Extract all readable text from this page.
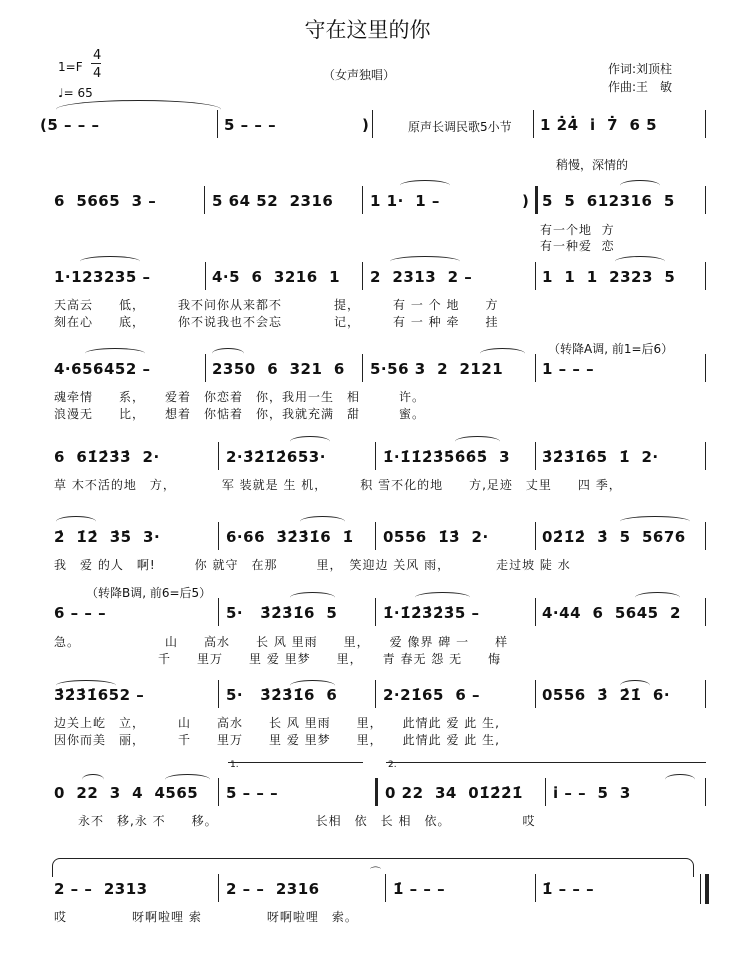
守在这里的你
1=F
4
4
♩= 65
（女声独唱）	作词:刘顶柱
作曲:王　敏
(5 – – –	5 – – –	)	原声长调民歌5小节 1 2̇4̇  i̇  7̇  6 5
稍慢，深情的
6  5665  3 –	5 64 52  2316 1 1·  1 –	) 5  5  612316  5
有一个地  方
有一种爱  恋
1·123235 –	4·5  6  3216  1 2  2313  2 –	1  1  1  2323  5
天高云　　低，　　　我不问你从来都不　　　　提，　　　有 一 个 地　　方
刻在心　　底，　　　你不说我也不会忘　　　　记，　　　有 一 种 牵　　挂
（转降A调, 前1=后6）
4·656452 –	2350  6  321  6 5·56 3  2  2121	1 – – –
魂牵情　　系，　　爱着　你恋着　你，我用一生　相　　　许。
浪漫无　　比，　　想着　你惦着　你，我就充满　甜　　　蜜。
6  61̇2̇3̇3̇  2·	2·3̇2̇1̇2̇653·	1̇·1̇1̇2̇3̇5̇6̇6̇5̇  3 3̇2̇3̇1̇6̇5  1̇  2·
草 木不活的地　方，　　　　军 装就是 生 机，　　　积 雪不化的地　　方,足迹　丈里　　四 季，
2̇  1̇2̇  3̇5̇  3·	6·66  3̇2̇3̇1̇6  1̇ 0556  1̇3̇  2·	02̇1̇2̇  3̇  5  5676
我　爱 的人　啊!　　　你 就守　在那　　　里，　笑迎边 关风 雨，　　　　走过坡 陡 水
（转降B调, 前6=后5）
6 – – –	5·   3̇2̇3̇1̇6  5	1̇·1̇2̇3̇2̇3̇5 –	4·44  6  5645  2
急。　　　　　　　山　　高水　　长 风 里雨　　里，　　爱 像界 碑 一　　样
　　　　　　　　千　　里万　　里 爱 里梦　　里，　　青 春无 怨 无　　悔
3̇2̇3̇1̇652 –	5·   3̇2̇3̇1̇6  6	2·21̇65  6 –	0556  3̇  2̇1̇  6·
边关上屹　立，　　　山　　高水　　长 风 里雨　　里，　　此情此 爱 此 生,
因你而美　丽，　　　千　　里万　　里 爱 里梦　　里，　　此情此 爱 此 生,
1.	2.
0  22  3  4  4565 5 – – –	0 22  34  01̇2̇2̇1̇ i̇ – –  5  3
永不　移,永 不　　移。　　　　　　　　长相　依　长 相　依。　　　　　　哎
2 – –  2313	2 – –  2316	1̇ – – –	1̇ – – –
哎　　　　　呀啊啦哩 索　　　　　呀啊啦哩　索。
⌒
